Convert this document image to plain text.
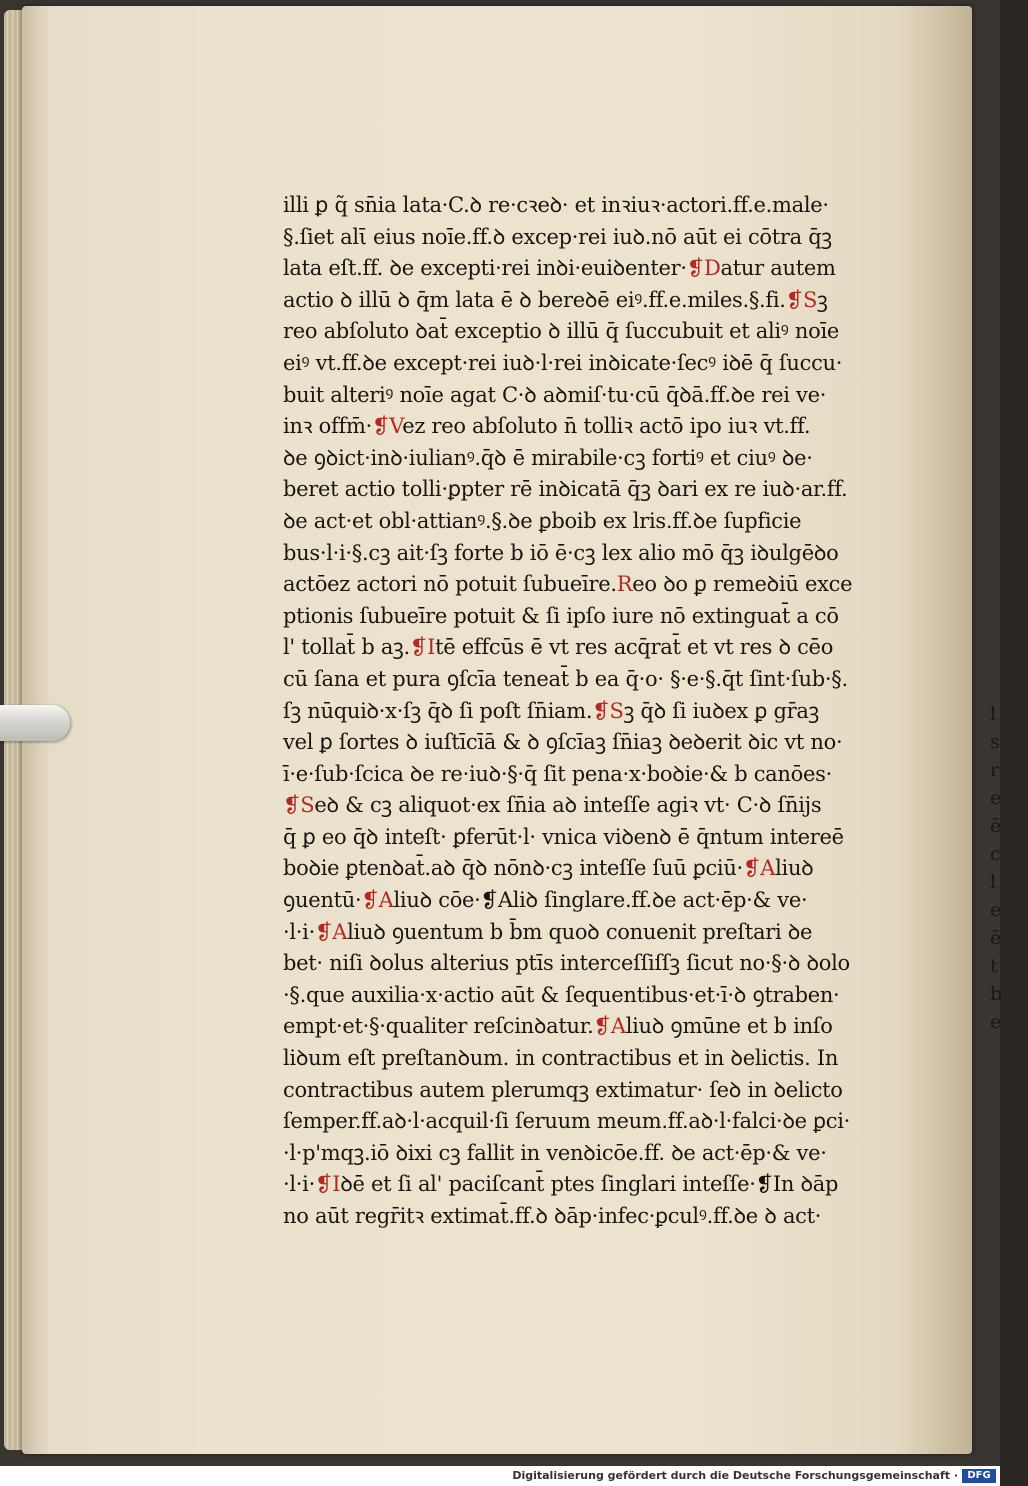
l
s
r
e
ē
c
l
e
ē
t
b
e
illi ꝑ q̃ sn̄ia lata·C.ꝺ re·cꝛeꝺ· et inꝛiuꝛ·actori.ff.e.male·
§.ſiet alῑ eius noīe.ff.ꝺ excep·rei iuꝺ.nō aūt ei cōtra q̄ꝫ
lata eſt.ff. ꝺe excepti·rei inꝺi·euiꝺenter·❡Datur autem
actio ꝺ illū ꝺ q̄m lata ē ꝺ bereꝺē eiꝰ.ff.e.miles.§.fi.❡Sꝫ
reo abſoluto ꝺat̄ exceptio ꝺ illū q̄ ſuccubuit et aliꝰ noīe
eiꝰ vt.ff.ꝺe except·rei iuꝺ·l·rei inꝺicate·ſecꝰ iꝺē q̄ ſuccu·
buit alteriꝰ noīe agat C·ꝺ aꝺmiſ·tu·cū q̄ꝺā.ff.ꝺe rei ve·
inꝛ offm̄·❡Vez reo abſoluto n̄ tolliꝛ actō ipo iuꝛ vt.ff.
ꝺe ꝯꝺict·inꝺ·iulianꝰ.q̄ꝺ ē mirabile·cꝫ fortiꝰ et ciuꝰ ꝺe·
beret actio tolli·ꝑpter rē inꝺicatā q̄ꝫ ꝺari ex re iuꝺ·ar.ff.
ꝺe act·et obl·attianꝰ.§.ꝺe ꝑboib ex lris.ff.ꝺe ſupficie
bus·l·i·§.cꝫ ait·ſꝫ forte b iō ē·cꝫ lex alio mō q̄ꝫ iꝺulgēꝺo
actōez actori nō potuit ſubueīre.Reo ꝺo ꝑ remeꝺiū exce
ptionis ſubueīre potuit & ſi ipſo iure nō extinguat̄ a cō
l' tollat̄ b aꝫ.❡Itē effcūs ē vt res acq̄rat̄ et vt res ꝺ cēo
cū ſana et pura ꝯſcīa teneat̄ b ea q̄·o· §·e·§.q̄t ſint·ſub·§.
ſꝫ nūquiꝺ·x·ſꝫ q̄ꝺ ſi poſt ſn̄iam.❡Sꝫ q̄ꝺ ſi iuꝺex ꝑ gr̄aꝫ
vel ꝑ ſortes ꝺ iuſtīcīā & ꝺ ꝯſcīaꝫ ſn̄iaꝫ ꝺeꝺerit ꝺic vt no·
ī·e·ſub·ſcica ꝺe re·iuꝺ·§·q̄ ſit pena·x·boꝺie·& b canōes·
❡Seꝺ & cꝫ aliquot·ex ſn̄ia aꝺ inteſſe agiꝛ vt· C·ꝺ ſn̄ijs
q̄ ꝑ eo q̄ꝺ inteſt· ꝑferūt·l· vnica viꝺenꝺ ē q̄ntum intereē
boꝺie ꝑtenꝺat̄.aꝺ q̄ꝺ nōnꝺ·cꝫ inteſſe ſuū ꝑciū·❡Aliuꝺ
ꝯuentū·❡Aliuꝺ cōe·❡Aliꝺ ſinglare.ff.ꝺe act·ēp·& ve·
·l·i·❡Aliuꝺ ꝯuentum b b̄m quoꝺ conuenit preſtari ꝺe
bet· niſi ꝺolus alterius ptīs interceſſiſſꝫ ſicut no·§·ꝺ ꝺolo
·§.que auxilia·x·actio aūt & ſequentibus·et·ī·ꝺ ꝯtraben·
empt·et·§·qualiter reſcinꝺatur.❡Aliuꝺ ꝯmūne et b inſo
liꝺum eſt preſtanꝺum. in contractibus et in ꝺelictis. In
contractibus autem plerumqꝫ extimatur· ſeꝺ in ꝺelicto
ſemper.ff.aꝺ·l·acquil·ſi ſeruum meum.ff.aꝺ·l·falci·ꝺe ꝑci·
·l·p'mqꝫ.iō ꝺixi cꝫ fallit in venꝺicōe.ff. ꝺe act·ēp·& ve·
·l·i·❡Iꝺē et ſi al' paciſcant̄ ptes ſinglari inteſſe·❡In ꝺāp
no aūt regr̄itꝛ extimat̄.ff.ꝺ ꝺāp·infec·ꝑculꝰ.ff.ꝺe ꝺ act·
Digitalisierung gefördert durch die Deutsche Forschungsgemeinschaft · DFG
